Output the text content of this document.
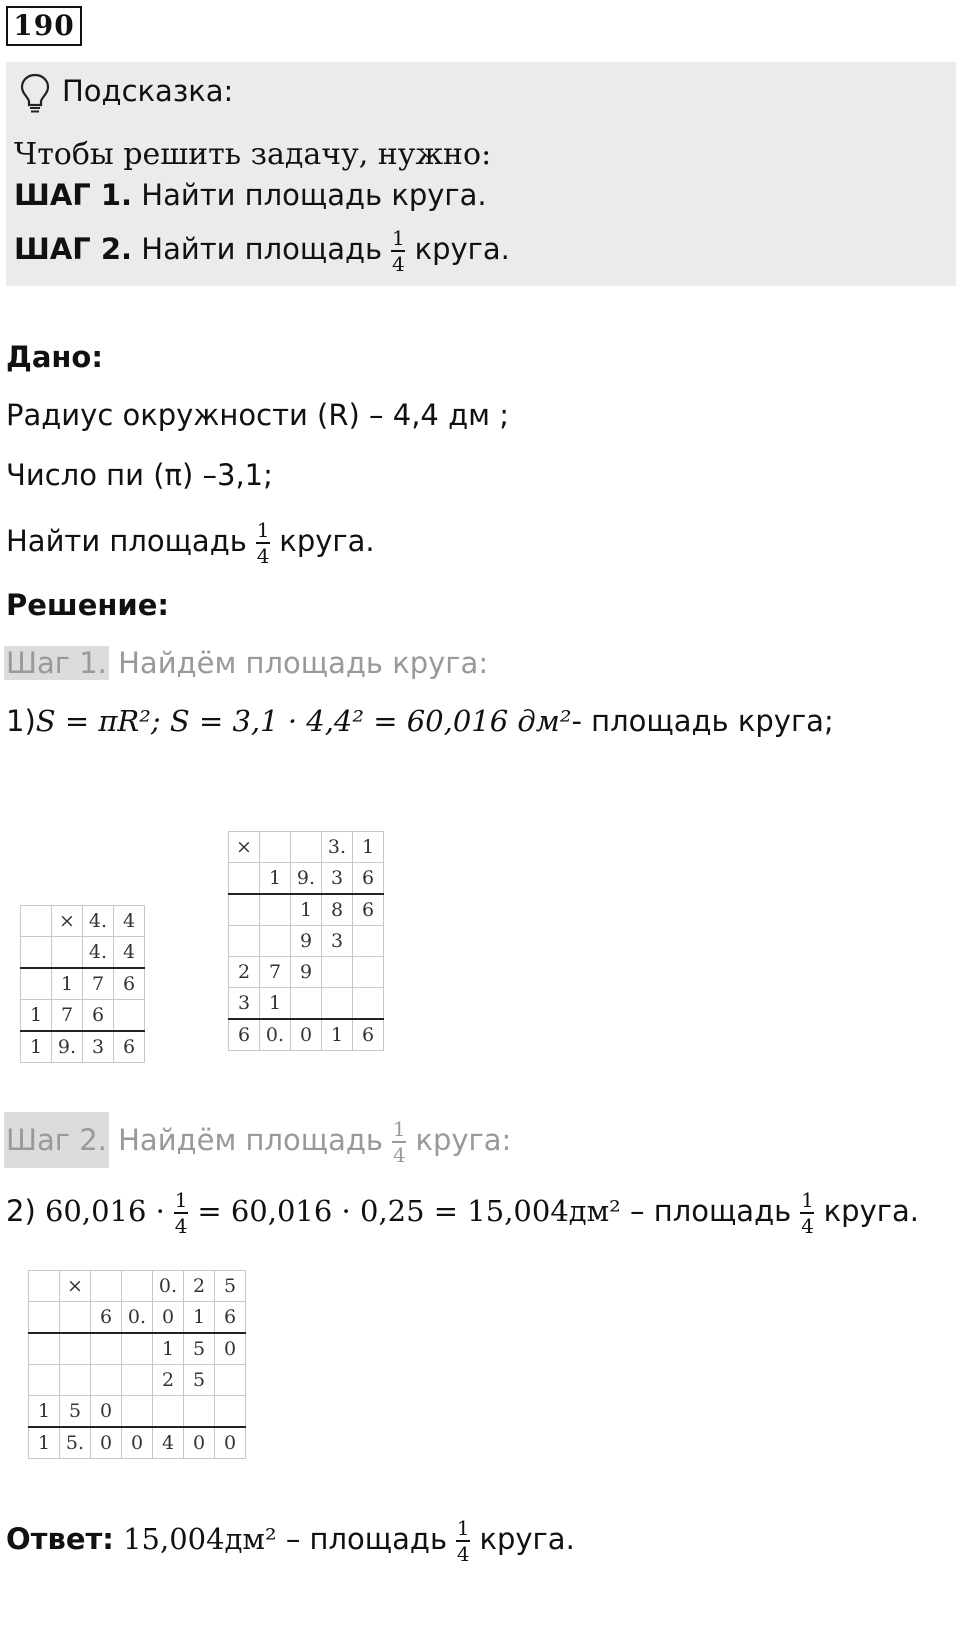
190
Подсказка:
Чтобы решить задачу, нужно:
ШАГ 1. Найти площадь круга.
ШАГ 2. Найти площадь $\frac{1}{4}$ круга.
Дано:
Радиус окружности (R) – 4,4 дм ;
Число пи (π) –3,1;
Найти площадь $\frac{1}{4}$ круга.
Решение:
Шаг 1. Найдём площадь круга:
1)S = πR²; S = 3,1 · 4,4² = 60,016 дм²- площадь круга;
	×	4.	4
		4.	4
	1	7	6
1	7	6	
1	9.	3	6
×			3.	1
	1	9.	3	6
		1	8	6
		9	3	
2	7	9		
3	1			
6	0.	0	1	6
Шаг 2. Найдём площадь $\frac{1}{4}$ круга:
2) $60,016 \cdot \frac{1}{4} = 60,016 \cdot 0,25 = 15,004дм^2$ – площадь $\frac{1}{4}$ круга.
	×			0.	2	5
		6	0.	0	1	6
				1	5	0
				2	5	
1	5	0				
1	5.	0	0	4	0	0
Ответ: 15,004дм² – площадь $\frac{1}{4}$ круга.
